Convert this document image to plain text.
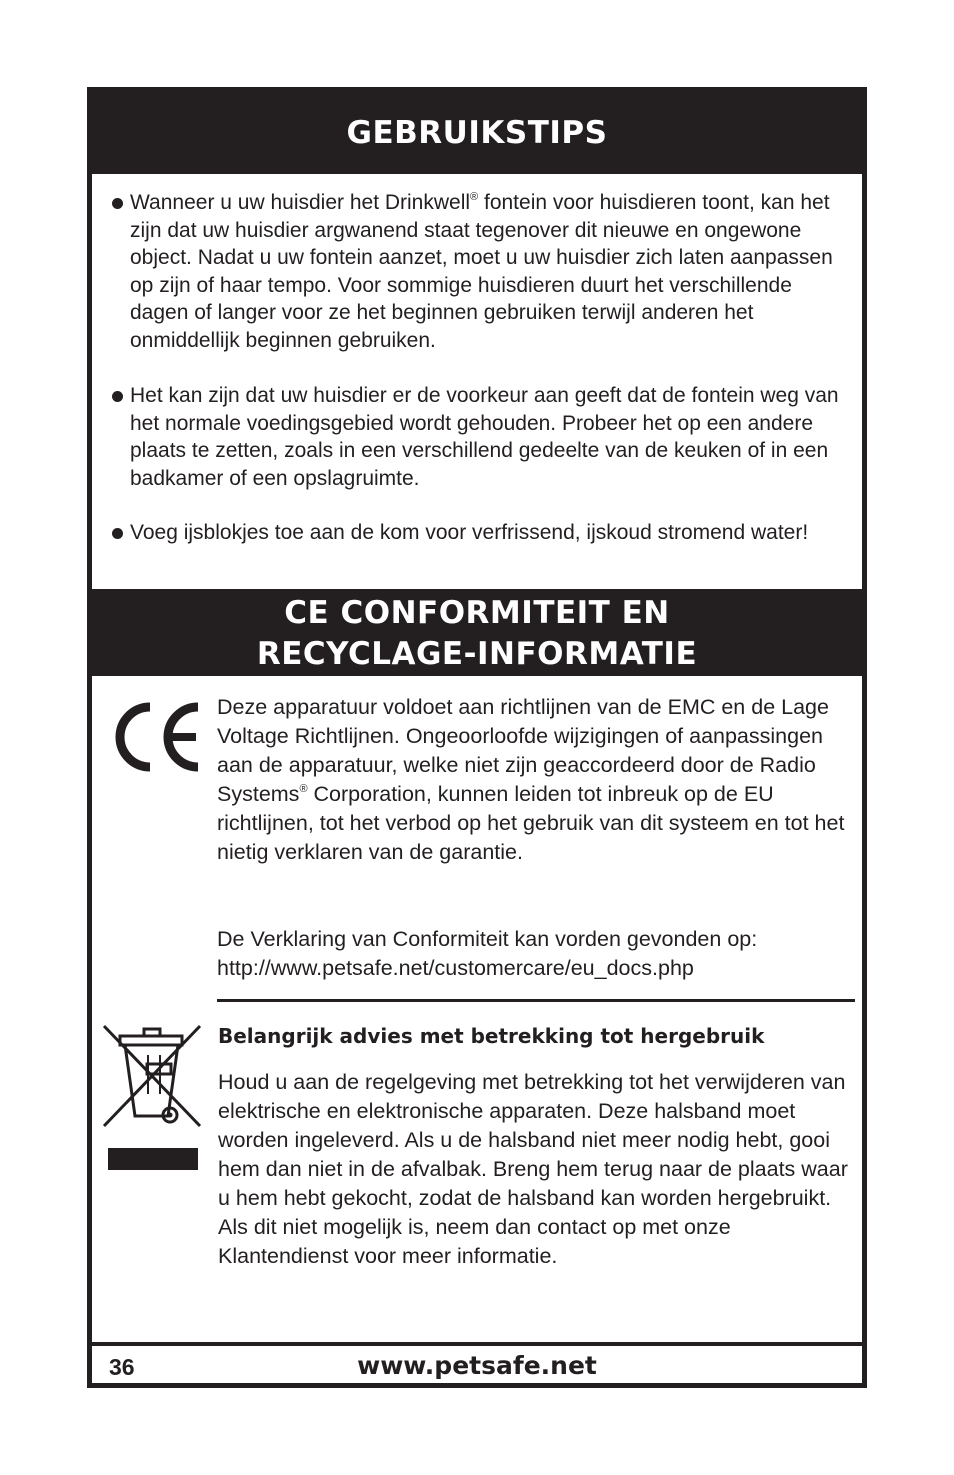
GEBRUIKSTIPS
Wanneer u uw huisdier het Drinkwell® fontein voor huisdieren toont, kan het zijn dat uw huisdier argwanend staat tegenover dit nieuwe en ongewone object. Nadat u uw fontein aanzet, moet u uw huisdier zich laten aanpassen op zijn of haar tempo. Voor sommige huisdieren duurt het verschillende dagen of langer voor ze het beginnen gebruiken terwijl anderen het onmiddellijk beginnen gebruiken.
Het kan zijn dat uw huisdier er de voorkeur aan geeft dat de fontein weg van het normale voedingsgebied wordt gehouden. Probeer het op een andere plaats te zetten, zoals in een verschillend gedeelte van de keuken of in een badkamer of een opslagruimte.
Voeg ijsblokjes toe aan de kom voor verfrissend, ijskoud stromend water!
CE CONFORMITEIT EN
RECYCLAGE-INFORMATIE
Deze apparatuur voldoet aan richtlijnen van de EMC en de Lage Voltage Richtlijnen. Ongeoorloofde wijzigingen of aanpassingen aan de apparatuur, welke niet zijn geaccordeerd door de Radio Systems® Corporation, kunnen leiden tot inbreuk op de EU richtlijnen, tot het verbod op het gebruik van dit systeem en tot het nietig verklaren van de garantie.
De Verklaring van Conformiteit kan vorden gevonden op:
http://www.petsafe.net/customercare/eu_docs.php
Belangrijk advies met betrekking tot hergebruik
Houd u aan de regelgeving met betrekking tot het verwijderen van elektrische en elektronische apparaten. Deze halsband moet worden ingeleverd. Als u de halsband niet meer nodig hebt, gooi hem dan niet in de afvalbak. Breng hem terug naar de plaats waar u hem hebt gekocht, zodat de halsband kan worden hergebruikt. Als dit niet mogelijk is, neem dan contact op met onze Klantendienst voor meer informatie.
36	www.petsafe.net
